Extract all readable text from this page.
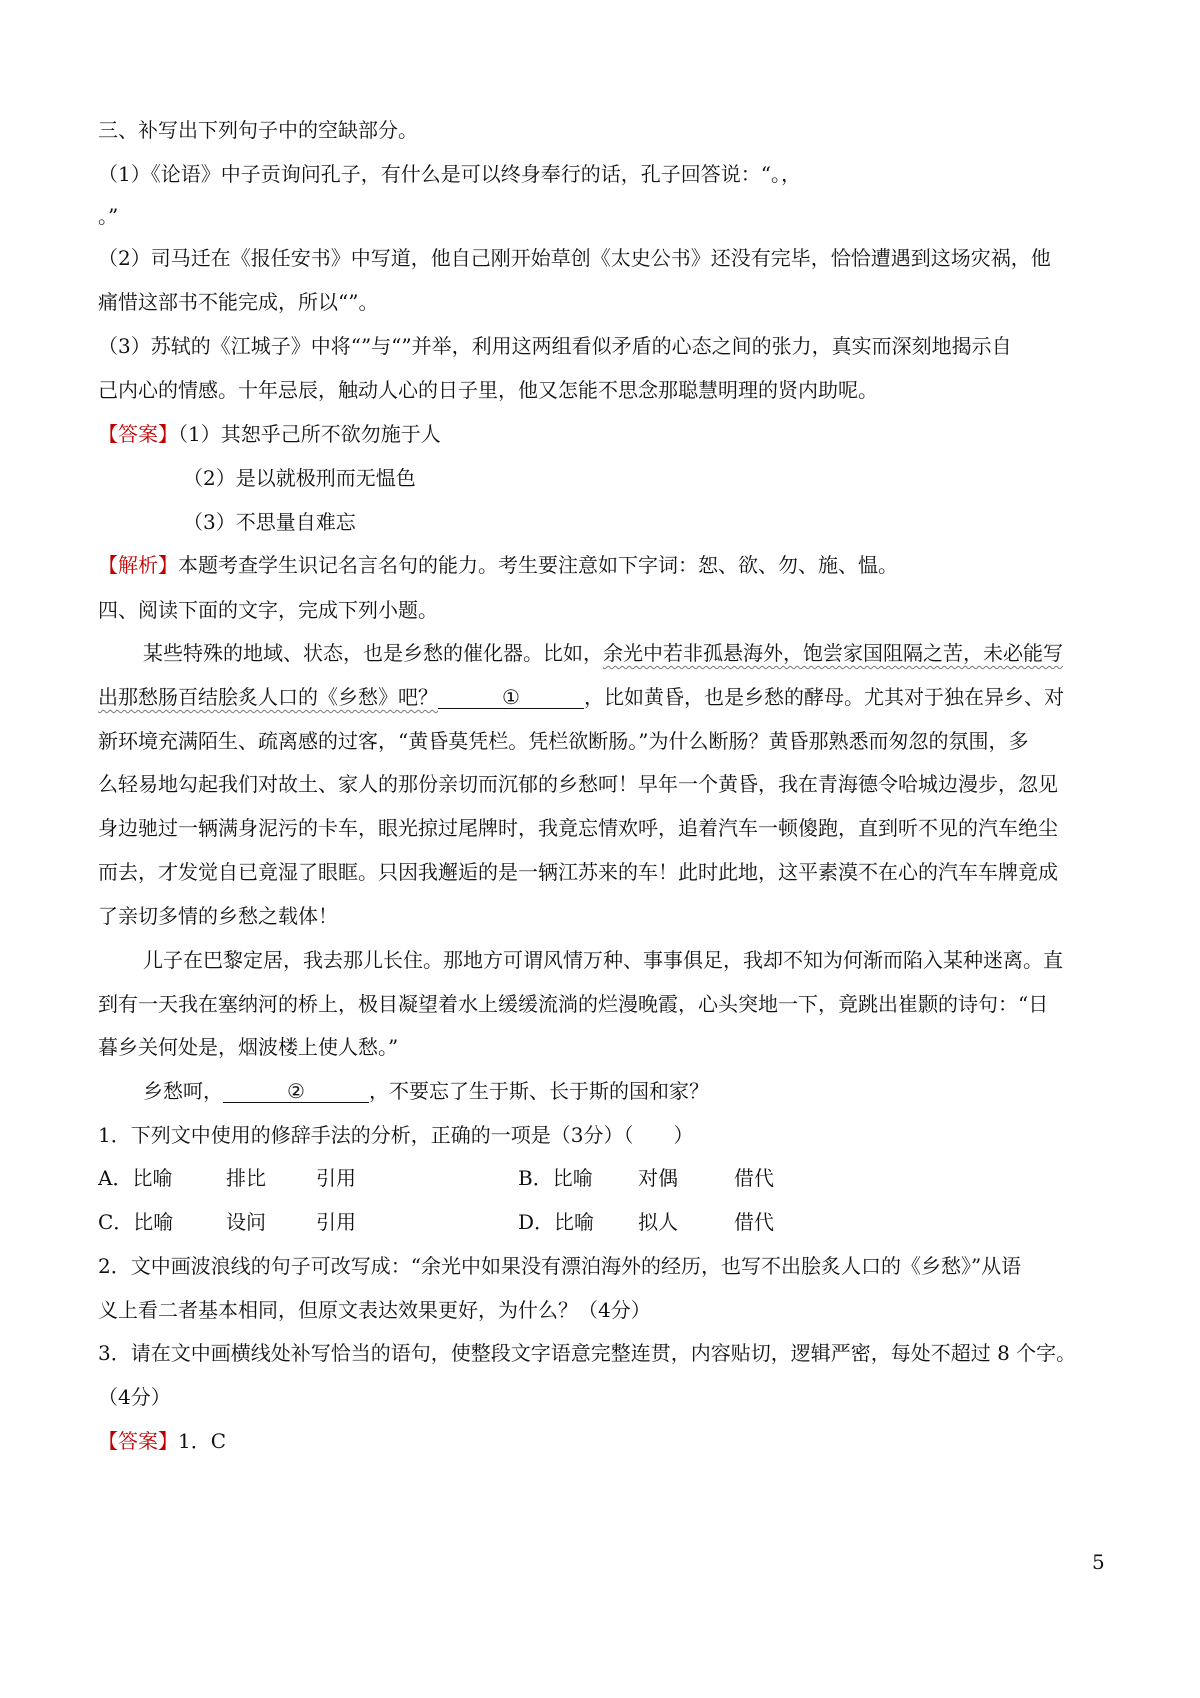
三、补写出下列句子中的空缺部分。
（1）《论语》中子贡询问孔子，有什么是可以终身奉行的话，孔子回答说：“。，
。”
（2）司马迁在《报任安书》中写道，他自己刚开始草创《太史公书》还没有完毕，恰恰遭遇到这场灾祸，他
痛惜这部书不能完成，所以“”。
（3）苏轼的《江城子》中将“”与“”并举，利用这两组看似矛盾的心态之间的张力，真实而深刻地揭示自
己内心的情感。十年忌辰，触动人心的日子里，他又怎能不思念那聪慧明理的贤内助呢。
【答案】（1）其恕乎己所不欲勿施于人
（2）是以就极刑而无愠色
（3）不思量自难忘
【解析】本题考查学生识记名言名句的能力。考生要注意如下字词：恕、欲、勿、施、愠。
四、阅读下面的文字，完成下列小题。
某些特殊的地域、状态，也是乡愁的催化器。比如，余光中若非孤悬海外，饱尝家国阻隔之苦，未必能写
出那愁肠百结脍炙人口的《乡愁》吧？	①	，比如黄昏，也是乡愁的酵母。尤其对于独在异乡、对
新环境充满陌生、疏离感的过客，“黄昏莫凭栏。凭栏欲断肠。”为什么断肠？黄昏那熟悉而匆忽的氛围，多
么轻易地勾起我们对故土、家人的那份亲切而沉郁的乡愁呵！早年一个黄昏，我在青海德令哈城边漫步，忽见
身边驰过一辆满身泥污的卡车，眼光掠过尾牌时，我竟忘情欢呼，追着汽车一顿傻跑，直到听不见的汽车绝尘
而去，才发觉自已竟湿了眼眶。只因我邂逅的是一辆江苏来的车！此时此地，这平素漠不在心的汽车车牌竟成
了亲切多情的乡愁之载体！
儿子在巴黎定居，我去那儿长住。那地方可谓风情万种、事事俱足，我却不知为何渐而陷入某种迷离。直
到有一天我在塞纳河的桥上，极目凝望着水上缓缓流淌的烂漫晚霞，心头突地一下，竟跳出崔颢的诗句：“日
暮乡关何处是，烟波楼上使人愁。”
乡愁呵，	②	，不要忘了生于斯、长于斯的国和家？
1．下列文中使用的修辞手法的分析，正确的一项是（3分）（　　）
A．比喻	排比	引用	B．比喻 对偶	借代
C．比喻	设问	引用	D．比喻 拟人	借代
2．文中画波浪线的句子可改写成：“余光中如果没有漂泊海外的经历，也写不出脍炙人口的《乡愁》”从语
义上看二者基本相同，但原文表达效果更好，为什么？（4分）
3．请在文中画横线处补写恰当的语句，使整段文字语意完整连贯，内容贴切，逻辑严密，每处不超过 8 个字。
（4分）
【答案】1．C
5
